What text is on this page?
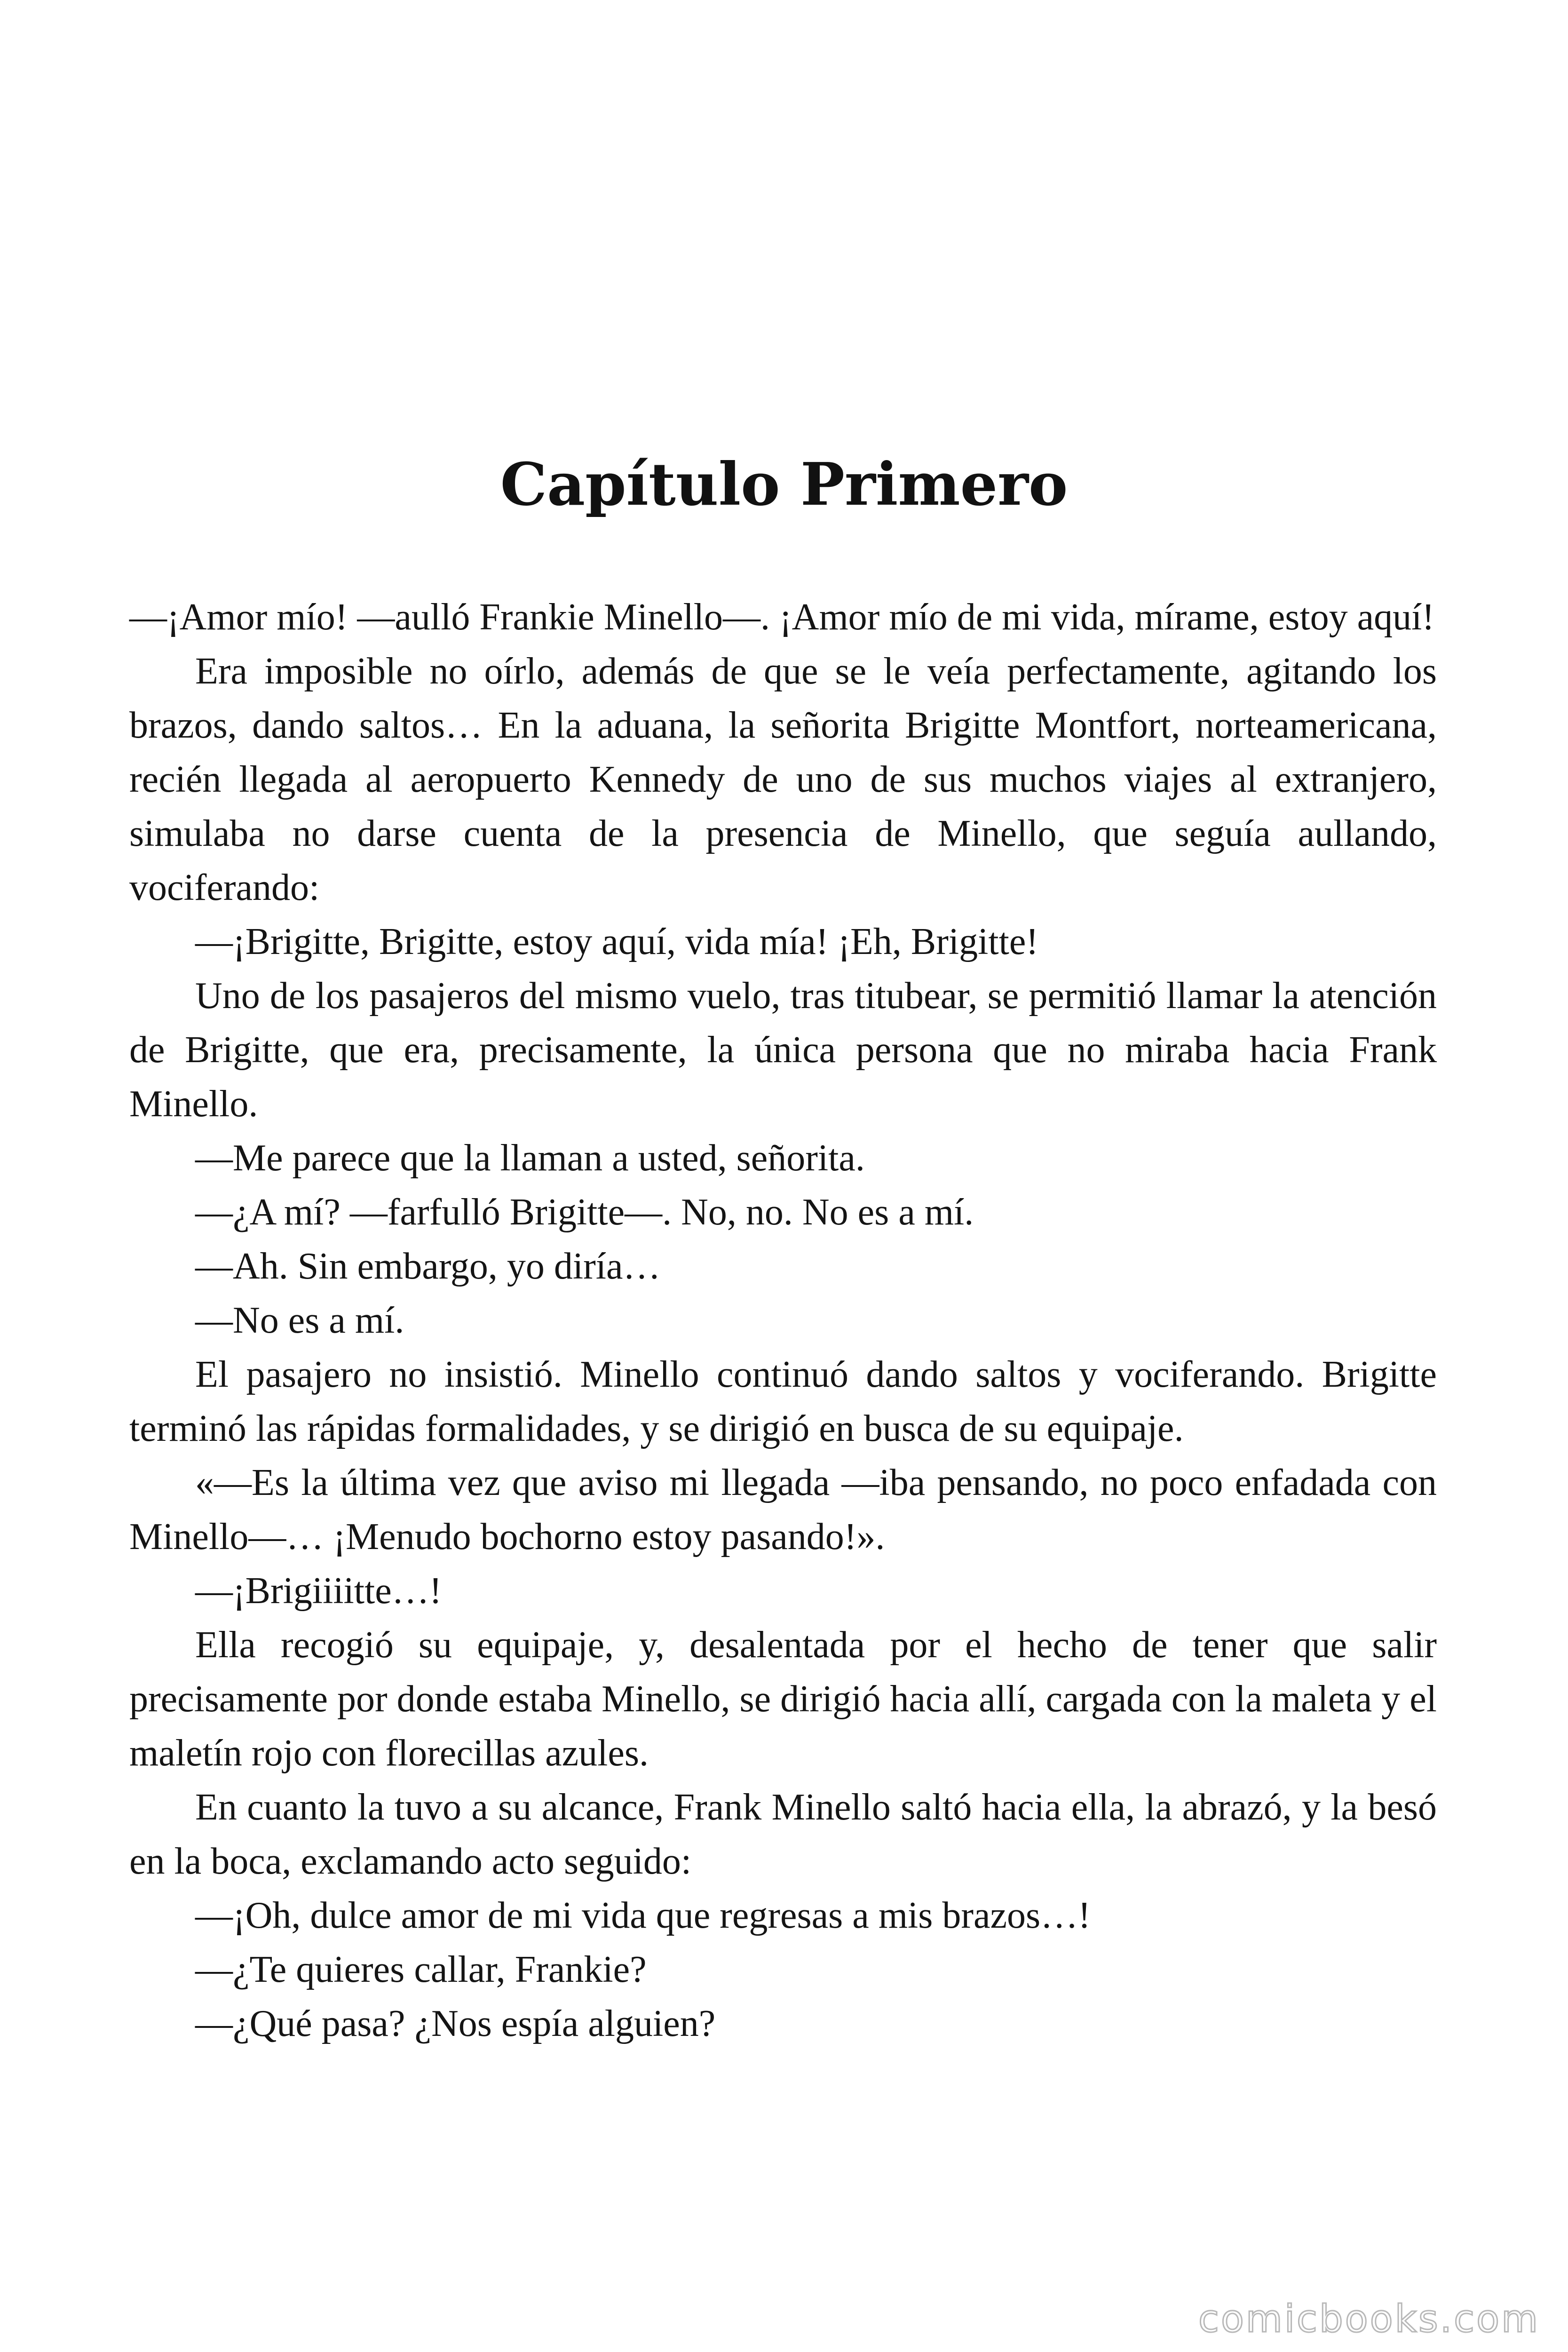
Capítulo Primero

—¡Amor mío! —aulló Frankie Minello—. ¡Amor mío de mi vida, mírame, estoy aquí!

Era imposible no oírlo, además de que se le veía perfectamente, agitando los brazos, dando saltos… En la aduana, la señorita Brigitte Montfort, norteamericana, recién llegada al aeropuerto Kennedy de uno de sus muchos viajes al extranjero, simulaba no darse cuenta de la presencia de Minello, que seguía aullando, vociferando:

—¡Brigitte, Brigitte, estoy aquí, vida mía! ¡Eh, Brigitte!

Uno de los pasajeros del mismo vuelo, tras titubear, se permitió llamar la atención de Brigitte, que era, precisamente, la única persona que no miraba hacia Frank Minello.

—Me parece que la llaman a usted, señorita.

—¿A mí? —farfulló Brigitte—. No, no. No es a mí.

—Ah. Sin embargo, yo diría…

—No es a mí.

El pasajero no insistió. Minello continuó dando saltos y vociferando. Brigitte terminó las rápidas formalidades, y se dirigió en busca de su equipaje.

«—Es la última vez que aviso mi llegada —iba pensando, no poco enfadada con Minello—… ¡Menudo bochorno estoy pasando!».

—¡Brigiiiitte…!

Ella recogió su equipaje, y, desalentada por el hecho de tener que salir precisamente por donde estaba Minello, se dirigió hacia allí, cargada con la maleta y el maletín rojo con florecillas azules.

En cuanto la tuvo a su alcance, Frank Minello saltó hacia ella, la abrazó, y la besó en la boca, exclamando acto seguido:

—¡Oh, dulce amor de mi vida que regresas a mis brazos…!

—¿Te quieres callar, Frankie?

—¿Qué pasa? ¿Nos espía alguien?

comicbooks.com
